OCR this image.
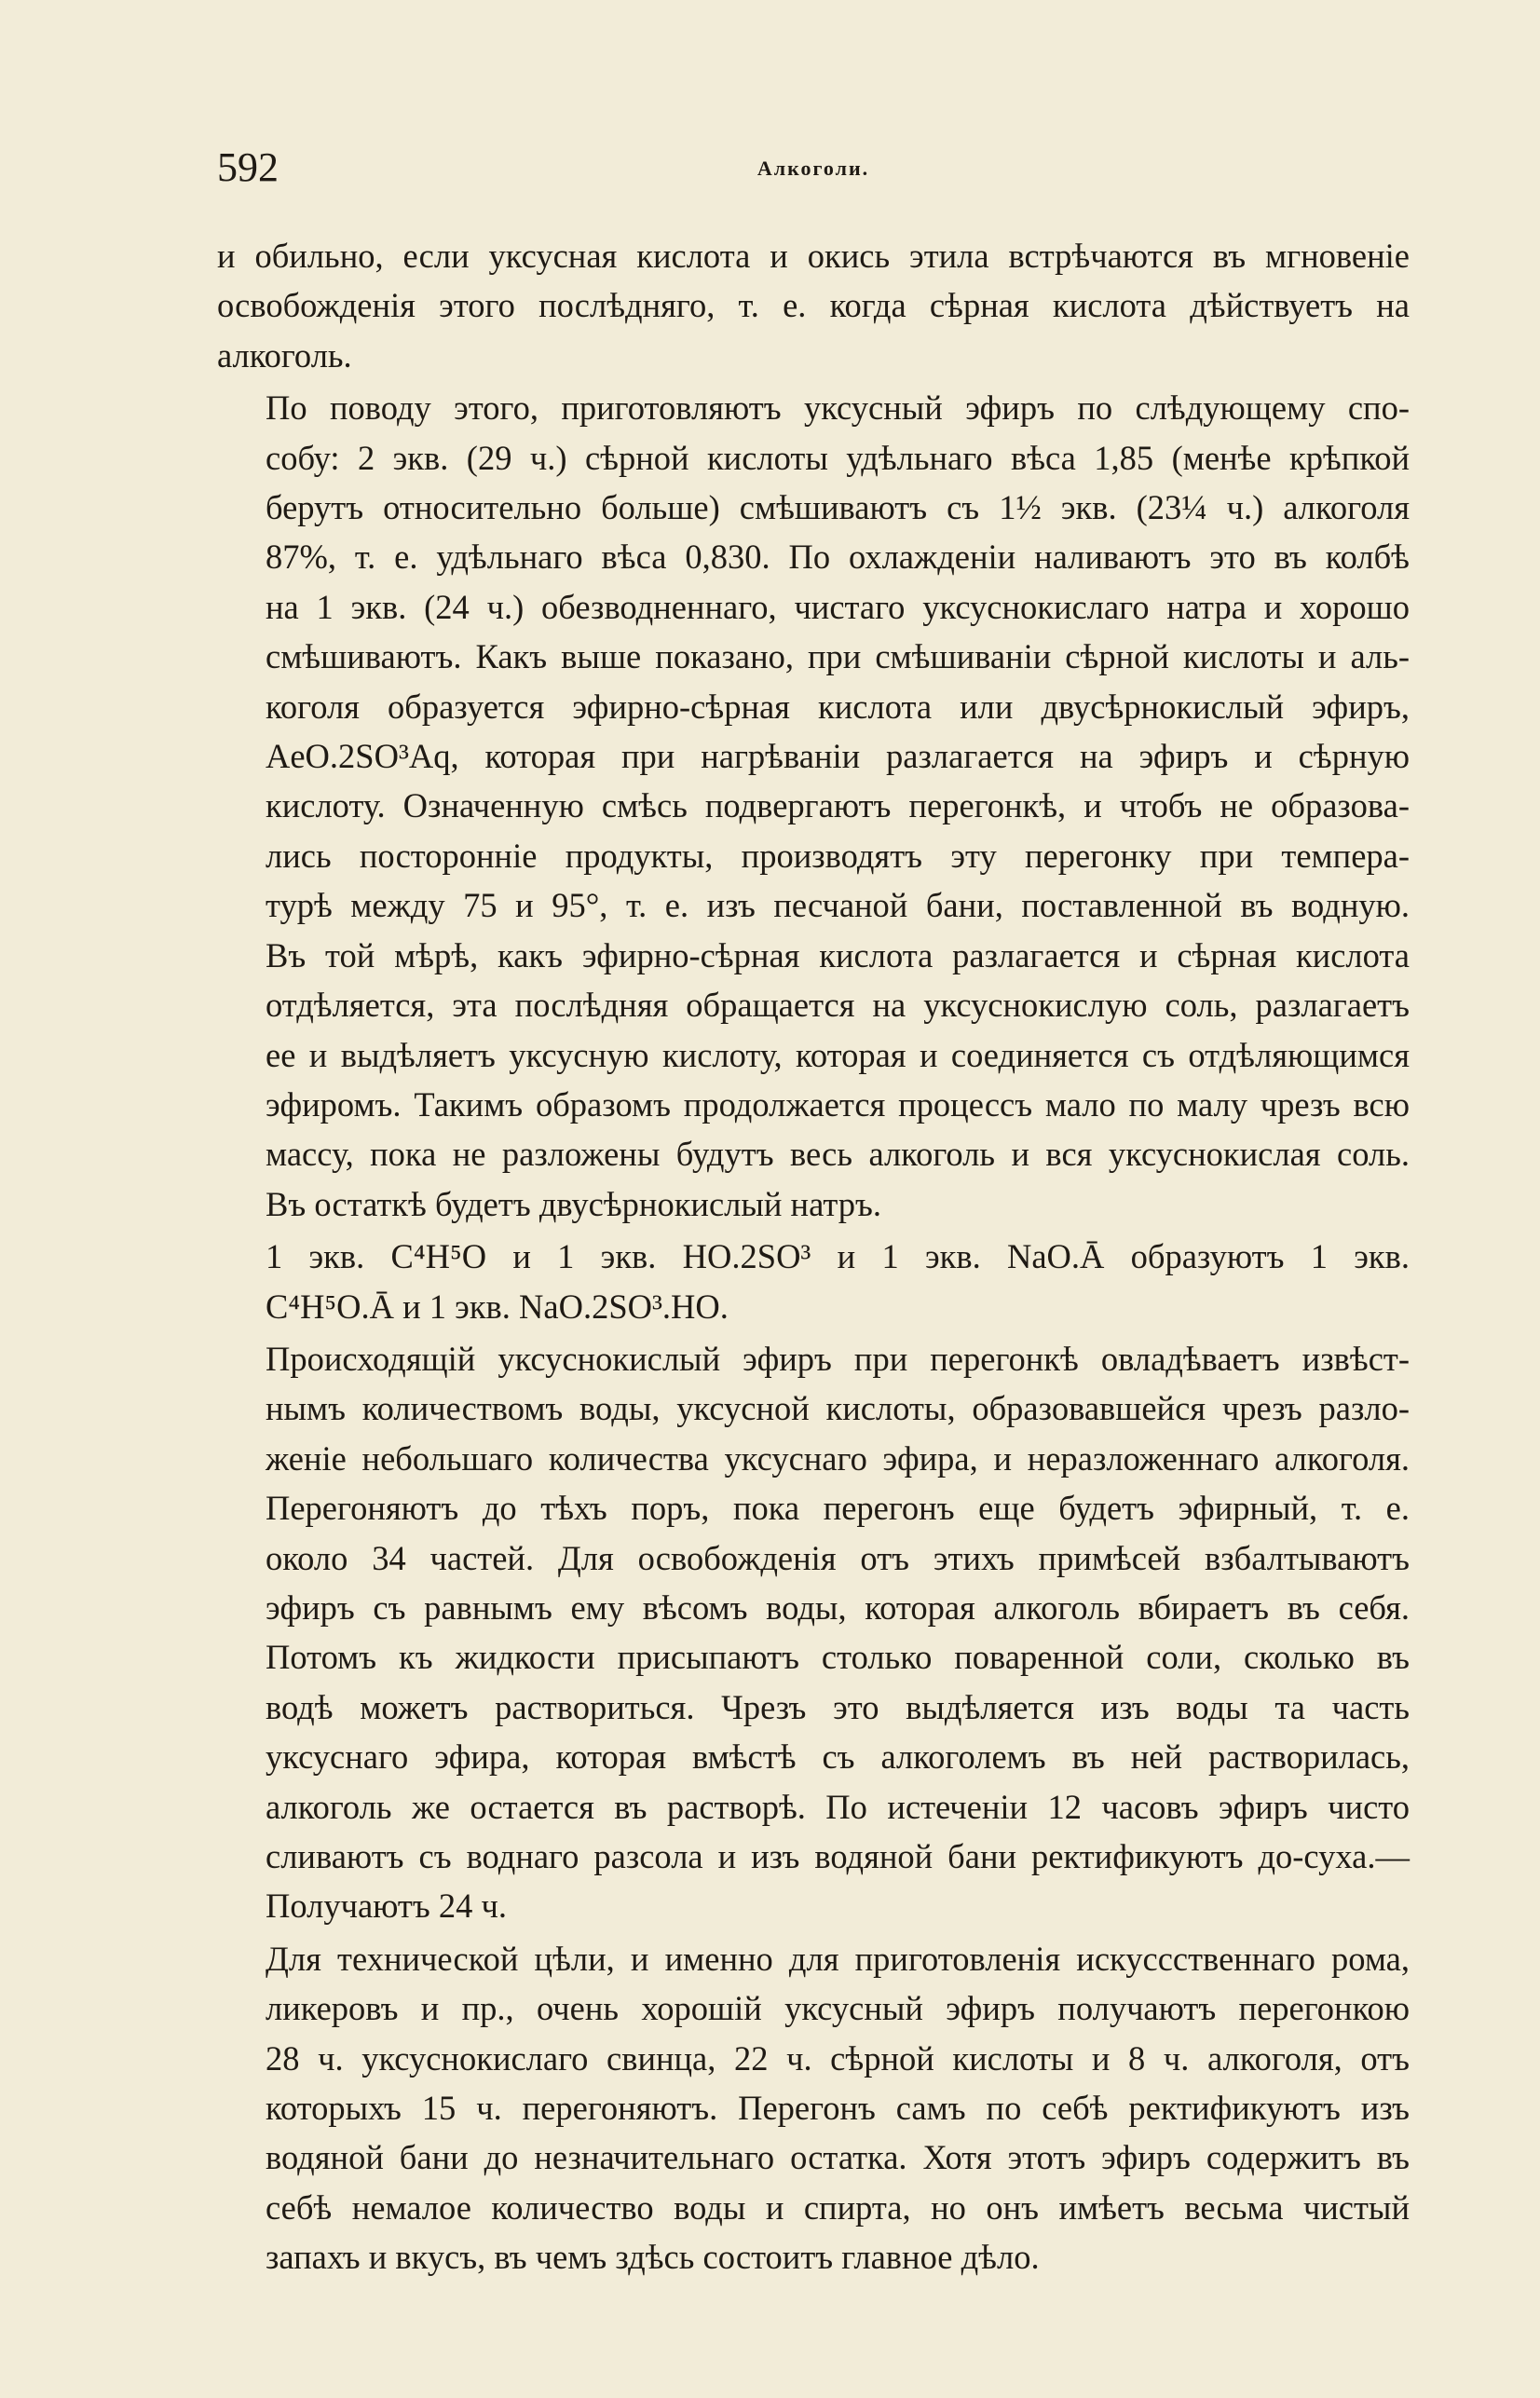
592	Алкоголи.

и обильно, если уксусная кислота и окись этила встрѣчаются въ мгновеніе
освобожденія этого послѣдняго, т. е. когда сѣрная кислота дѣйствуетъ на
алкоголь.

По поводу этого, приготовляютъ уксусный эфиръ по слѣдующему спо-
собу: 2 экв. (29 ч.) сѣрной кислоты удѣльнаго вѣса 1,85 (менѣе крѣпкой
берутъ относительно больше) смѣшиваютъ съ 1½ экв. (23¼ ч.) алкоголя
87%, т. е. удѣльнаго вѣса 0,830. По охлажденіи наливаютъ это въ колбѣ
на 1 экв. (24 ч.) обезводненнаго, чистаго уксуснокислаго натра и хорошо
смѣшиваютъ. Какъ выше показано, при смѣшиваніи сѣрной кислоты и аль-
коголя образуется эфирно-сѣрная кислота или двусѣрнокислый эфиръ,
AeO.2SO³Aq, которая при нагрѣваніи разлагается на эфиръ и сѣрную
кислоту. Означенную смѣсь подвергаютъ перегонкѣ, и чтобъ не образова-
лись посторонніе продукты, производятъ эту перегонку при темпера-
турѣ между 75 и 95°, т. е. изъ песчаной бани, поставленной въ водную.
Въ той мѣрѣ, какъ эфирно-сѣрная кислота разлагается и сѣрная кислота
отдѣляется, эта послѣдняя обращается на уксуснокислую соль, разлагаетъ
ее и выдѣляетъ уксусную кислоту, которая и соединяется съ отдѣляющимся
эфиромъ. Такимъ образомъ продолжается процессъ мало по малу чрезъ всю
массу, пока не разложены будутъ весь алкоголь и вся уксуснокислая соль.
Въ остаткѣ будетъ двусѣрнокислый натръ.

1 экв. C⁴H⁵O и 1 экв. HO.2SO³ и 1 экв. NaO.Ā образуютъ 1 экв.
C⁴H⁵O.Ā и 1 экв. NaO.2SO³.HO.

Происходящій уксуснокислый эфиръ при перегонкѣ овладѣваетъ извѣст-
нымъ количествомъ воды, уксусной кислоты, образовавшейся чрезъ разло-
женіе небольшаго количества уксуснаго эфира, и неразложеннаго алкоголя.
Перегоняютъ до тѣхъ поръ, пока перегонъ еще будетъ эфирный, т. е.
около 34 частей. Для освобожденія отъ этихъ примѣсей взбалтываютъ
эфиръ съ равнымъ ему вѣсомъ воды, которая алкоголь вбираетъ въ себя.
Потомъ къ жидкости присыпаютъ столько поваренной соли, сколько въ
водѣ можетъ раствориться. Чрезъ это выдѣляется изъ воды та часть
уксуснаго эфира, которая вмѣстѣ съ алкоголемъ въ ней растворилась,
алкоголь же остается въ растворѣ. По истеченіи 12 часовъ эфиръ чисто
сливаютъ съ воднаго разсола и изъ водяной бани ректификуютъ до-суха.—
Получаютъ 24 ч.

Для технической цѣли, и именно для приготовленія искуссственнаго рома,
ликеровъ и пр., очень хорошій уксусный эфиръ получаютъ перегонкою
28 ч. уксуснокислаго свинца, 22 ч. сѣрной кислоты и 8 ч. алкоголя, отъ
которыхъ 15 ч. перегоняютъ. Перегонъ самъ по себѣ ректификуютъ изъ
водяной бани до незначительнаго остатка. Хотя этотъ эфиръ содержитъ въ
себѣ немалое количество воды и спирта, но онъ имѣетъ весьма чистый
запахъ и вкусъ, въ чемъ здѣсь состоитъ главное дѣло.
